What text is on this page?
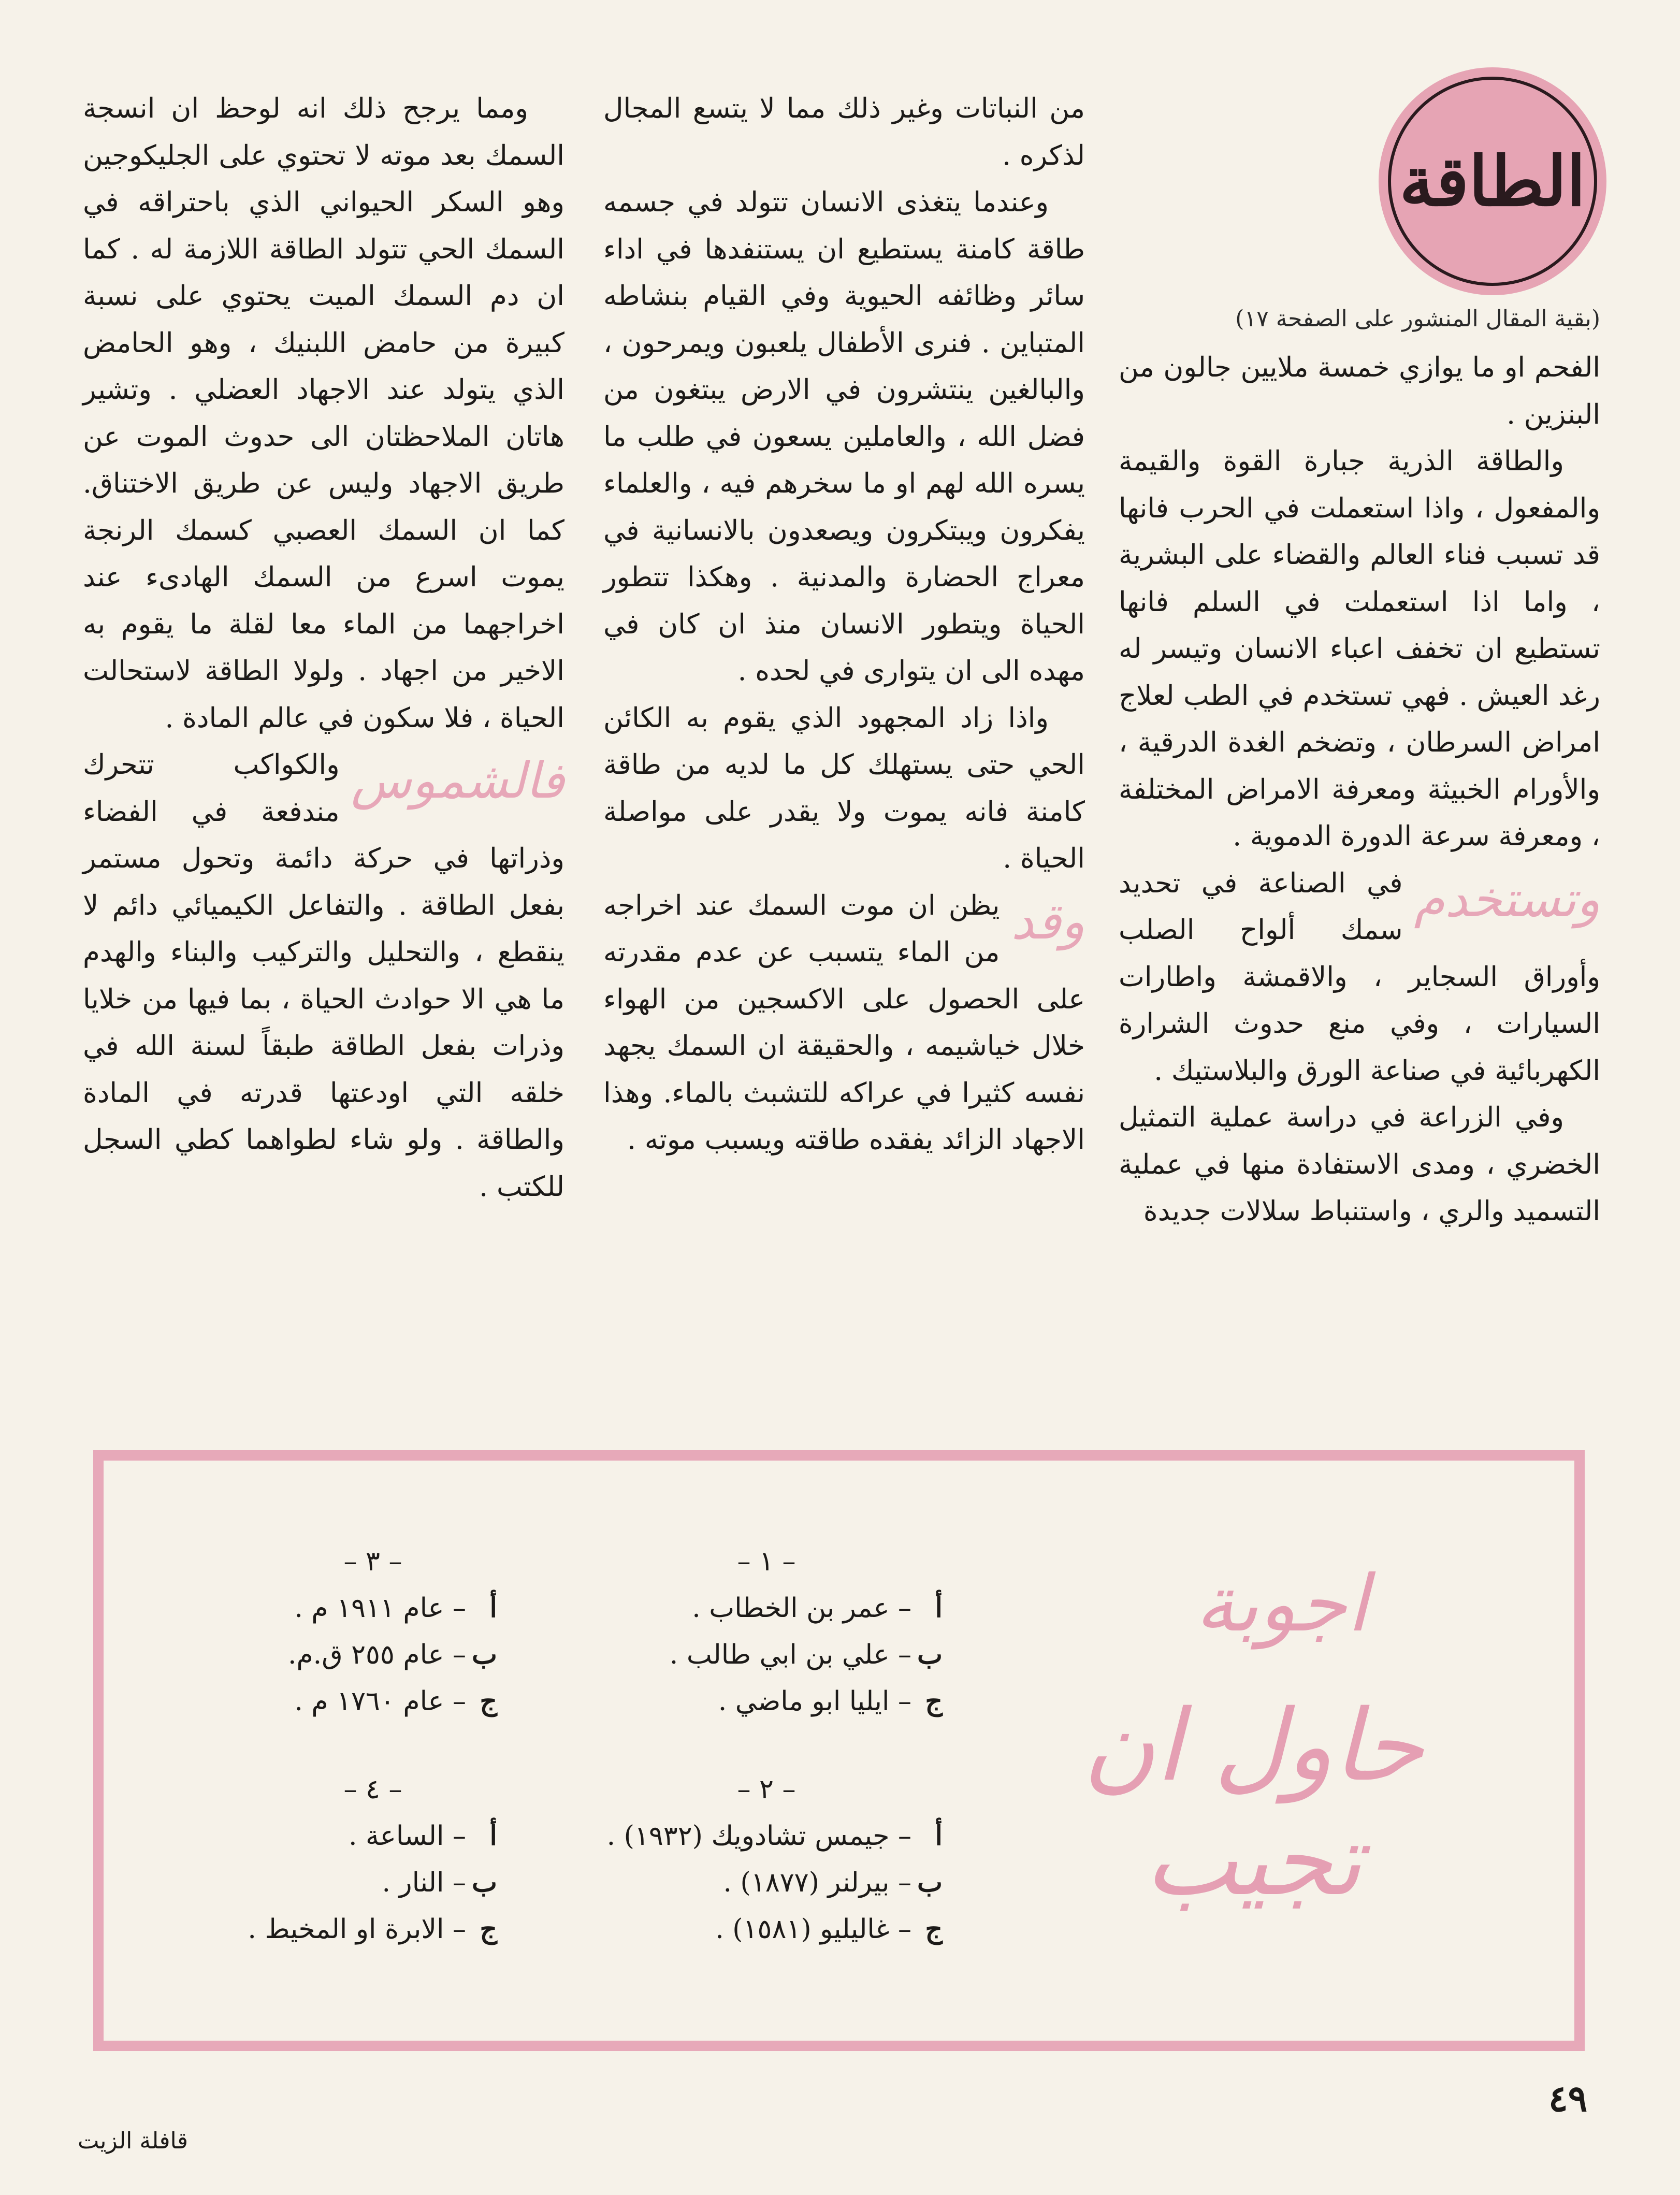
الطاقة
(بقية المقال المنشور على الصفحة ١٧)

الفحم او ما يوازي خمسة ملايين جالون من البنزين .

والطاقة الذرية جبارة القوة والقيمة والمفعول ، واذا استعملت في الحرب فانها قد تسبب فناء العالم والقضاء على البشرية ، واما اذا استعملت في السلم فانها تستطيع ان تخفف اعباء الانسان وتيسر له رغد العيش . فهي تستخدم في الطب لعلاج امراض السرطان ، وتضخم الغدة الدرقية ، والأورام الخبيثة ومعرفة الامراض المختلفة ، ومعرفة سرعة الدورة الدموية .

وتستخدم
في الصناعة في تحديد سمك ألواح الصلب وأوراق السجاير ، والاقمشة واطارات السيارات ، وفي منع حدوث الشرارة الكهربائية في صناعة الورق والبلاستيك .

وفي الزراعة في دراسة عملية التمثيل الخضري ، ومدى الاستفادة منها في عملية التسميد والري ، واستنباط سلالات جديدة

من النباتات وغير ذلك مما لا يتسع المجال لذكره .

وعندما يتغذى الانسان تتولد في جسمه طاقة كامنة يستطيع ان يستنفدها في اداء سائر وظائفه الحيوية وفي القيام بنشاطه المتباين . فنرى الأطفال يلعبون ويمرحون ، والبالغين ينتشرون في الارض يبتغون من فضل الله ، والعاملين يسعون في طلب ما يسره الله لهم او ما سخرهم فيه ، والعلماء يفكرون ويبتكرون ويصعدون بالانسانية في معراج الحضارة والمدنية . وهكذا تتطور الحياة ويتطور الانسان منذ ان كان في مهده الى ان يتوارى في لحده .

واذا زاد المجهود الذي يقوم به الكائن الحي حتى يستهلك كل ما لديه من طاقة كامنة فانه يموت ولا يقدر على مواصلة الحياة .

وقد
يظن ان موت السمك عند اخراجه من الماء يتسبب عن عدم مقدرته على الحصول على الاكسجين من الهواء خلال خياشيمه ، والحقيقة ان السمك يجهد نفسه كثيرا في عراكه للتشبث بالماء. وهذا الاجهاد الزائد يفقده طاقته ويسبب موته .

ومما يرجح ذلك انه لوحظ ان انسجة السمك بعد موته لا تحتوي على الجليكوجين وهو السكر الحيواني الذي باحتراقه في السمك الحي تتولد الطاقة اللازمة له . كما ان دم السمك الميت يحتوي على نسبة كبيرة من حامض اللبنيك ، وهو الحامض الذي يتولد عند الاجهاد العضلي . وتشير هاتان الملاحظتان الى حدوث الموت عن طريق الاجهاد وليس عن طريق الاختناق. كما ان السمك العصبي كسمك الرنجة يموت اسرع من السمك الهادىء عند اخراجهما من الماء معا لقلة ما يقوم به الاخير من اجهاد . ولولا الطاقة لاستحالت الحياة ، فلا سكون في عالم المادة .

فالشموس
والكواكب تتحرك مندفعة في الفضاء وذراتها في حركة دائمة وتحول مستمر بفعل الطاقة . والتفاعل الكيميائي دائم لا ينقطع ، والتحليل والتركيب والبناء والهدم ما هي الا حوادث الحياة ، بما فيها من خلايا وذرات بفعل الطاقة طبقاً لسنة الله في خلقه التي اودعتها قدرته في المادة والطاقة . ولو شاء لطواهما كطي السجل للكتب .

اجوبة
حاول ان تجيب
– ١ –
أ– عمر بن الخطاب .
ب– علي بن ابي طالب .
ج– ايليا ابو ماضي .
– ٢ –
أ– جيمس تشادويك (١٩٣٢) .
ب– بيرلنر (١٨٧٧) .
ج– غاليليو (١٥٨١) .
– ٣ –
أ– عام ١٩١١ م .
ب– عام ٢٥٥ ق.م.
ج– عام ١٧٦٠ م .
– ٤ –
أ– الساعة .
ب– النار .
ج– الابرة او المخيط .
٤٩
قافلة الزيت
